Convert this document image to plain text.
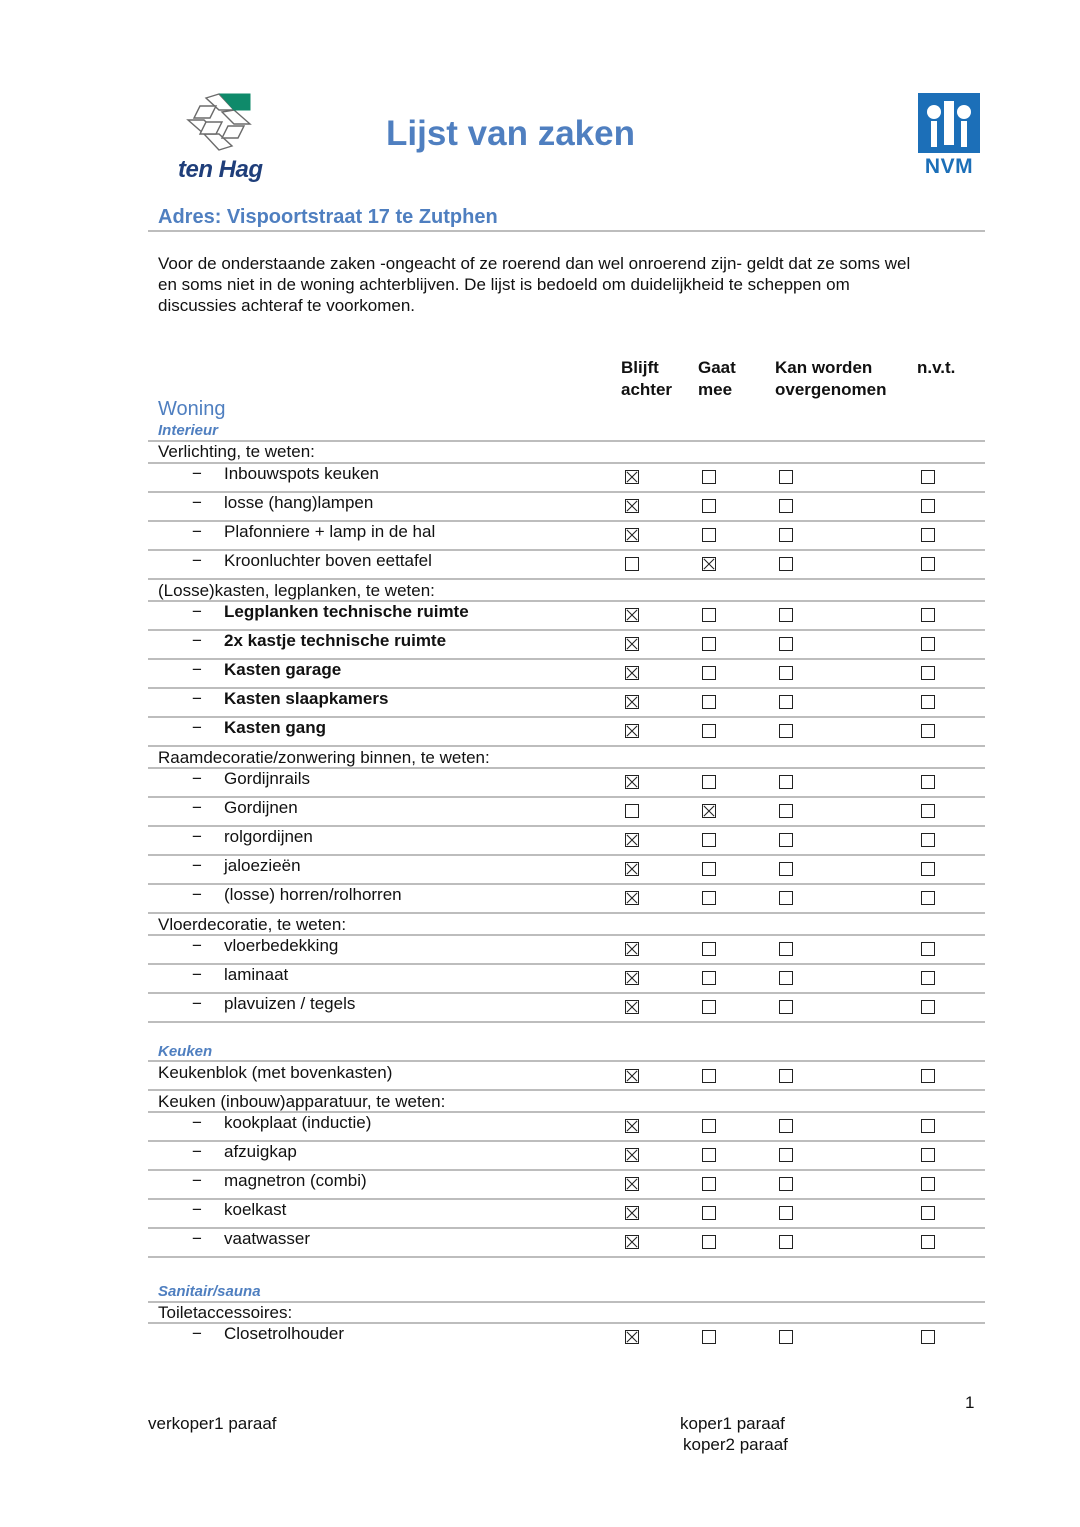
ten Hag
Lijst van zaken
NVM
Adres: Vispoortstraat 17 te Zutphen
Voor de onderstaande zaken -ongeacht of ze roerend dan wel onroerend zijn- geldt dat ze soms wel
en soms niet in de woning achterblijven. De lijst is bedoeld om duidelijkheid te scheppen om
discussies achteraf te voorkomen.
Blijft
achter
Gaat
mee
Kan worden
overgenomen
n.v.t.
Woning
Interieur
Keuken
Sanitair/sauna
Verlichting, te weten:
(Losse)kasten, legplanken, te weten:
Raamdecoratie/zonwering binnen, te weten:
Vloerdecoratie, te weten:
Keuken (inbouw)apparatuur, te weten:
Toiletaccessoires:
− Inbouwspots keuken
− losse (hang)lampen
− Plafonniere + lamp in de hal
− Kroonluchter boven eettafel
− Legplanken technische ruimte
− 2x kastje technische ruimte
− Kasten garage
− Kasten slaapkamers
− Kasten gang
− Gordijnrails
− Gordijnen
− rolgordijnen
− jaloezieën
− (losse) horren/rolhorren
− vloerbedekking
− laminaat
− plavuizen / tegels
Keukenblok (met bovenkasten)
− kookplaat (inductie)
− afzuigkap
− magnetron (combi)
− koelkast
− vaatwasser
− Closetrolhouder
1
verkoper1 paraaf	koper1 paraaf
koper2 paraaf
